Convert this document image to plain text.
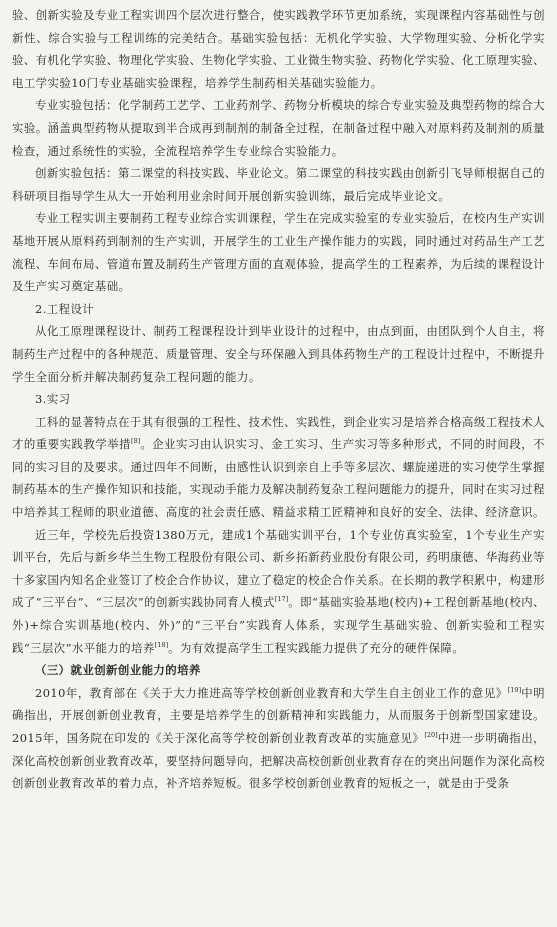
验、创新实验及专业工程实训四个层次进行整合，使实践教学环节更加系统，实现课程内容基础性与创新性、综合实验与工程训练的完美结合。基础实验包括：无机化学实验、大学物理实验、分析化学实验、有机化学实验、物理化学实验、生物化学实验、工业微生物实验、药物化学实验、化工原理实验、电工学实验10门专业基础实验课程，培养学生制药相关基础实验能力。

专业实验包括：化学制药工艺学、工业药剂学、药物分析模块的综合专业实验及典型药物的综合大实验。涵盖典型药物从提取到半合成再到制剂的制备全过程，在制备过程中融入对原料药及制剂的质量检查，通过系统性的实验，全流程培养学生专业综合实验能力。

创新实验包括：第二课堂的科技实践、毕业论文。第二课堂的科技实践由创新引飞导师根据自己的科研项目指导学生从大一开始利用业余时间开展创新实验训练，最后完成毕业论文。

专业工程实训主要制药工程专业综合实训课程，学生在完成实验室的专业实验后，在校内生产实训基地开展从原料药到制剂的生产实训，开展学生的工业生产操作能力的实践，同时通过对药品生产工艺流程、车间布局、管道布置及制药生产管理方面的直观体验，提高学生的工程素养，为后续的课程设计及生产实习奠定基础。

2.工程设计

从化工原理课程设计、制药工程课程设计到毕业设计的过程中，由点到面，由团队到个人自主，将制药生产过程中的各种规范、质量管理、安全与环保融入到具体药物生产的工程设计过程中，不断提升学生全面分析并解决制药复杂工程问题的能力。

3.实习

工科的显著特点在于其有很强的工程性、技术性、实践性，到企业实习是培养合格高级工程技术人才的重要实践教学举措[8]。企业实习由认识实习、金工实习、生产实习等多种形式，不同的时间段，不同的实习目的及要求。通过四年不间断，由感性认识到亲自上手等多层次、螺旋递进的实习使学生掌握制药基本的生产操作知识和技能，实现动手能力及解决制药复杂工程问题能力的提升，同时在实习过程中培养其工程师的职业道德、高度的社会责任感、精益求精工匠精神和良好的安全、法律、经济意识。

近三年，学校先后投资1380万元，建成1个基础实训平台，1个专业仿真实验室，1个专业生产实训平台，先后与新乡华兰生物工程股份有限公司、新乡拓新药业股份有限公司，药明康德、华海药业等十多家国内知名企业签订了校企合作协议，建立了稳定的校企合作关系。在长期的教学积累中，构建形成了“三平台”、“三层次”的创新实践协同育人模式[17]。即“基础实验基地(校内)+工程创新基地(校内、外)+综合实训基地(校内、外)”的“三平台”实践育人体系，实现学生基础实验、创新实验和工程实践“三层次”水平能力的培养[18]。为有效提高学生工程实践能力提供了充分的硬件保障。

（三）就业创新创业能力的培养

2010年，教育部在《关于大力推进高等学校创新创业教育和大学生自主创业工作的意见》[19]中明确指出，开展创新创业教育，主要是培养学生的创新精神和实践能力，从而服务于创新型国家建设。2015年，国务院在印发的《关于深化高等学校创新创业教育改革的实施意见》[20]中进一步明确指出，深化高校创新创业教育改革，要坚持问题导向，把解决高校创新创业教育存在的突出问题作为深化高校创新创业教育改革的着力点，补齐培养短板。很多学校创新创业教育的短板之一，就是由于受条
